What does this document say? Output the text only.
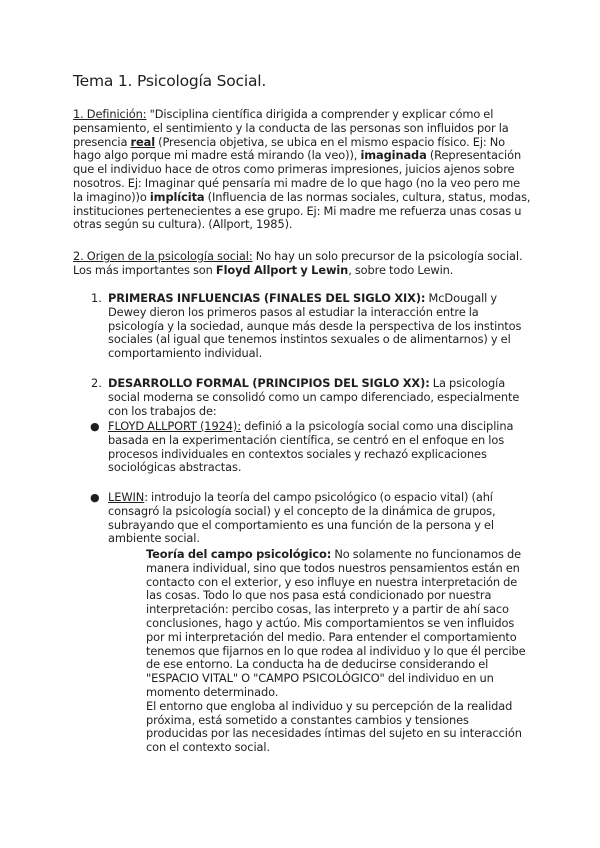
Tema 1. Psicología Social.

1. Definición: "Disciplina científica dirigida a comprender y explicar cómo el pensamiento, el sentimiento y la conducta de las personas son influidos por la presencia real (Presencia objetiva, se ubica en el mismo espacio físico. Ej: No hago algo porque mi madre está mirando (la veo)), imaginada (Representación que el individuo hace de otros como primeras impresiones, juicios ajenos sobre nosotros. Ej: Imaginar qué pensaría mi madre de lo que hago (no la veo pero me la imagino))o implícita (Influencia de las normas sociales, cultura, status, modas, instituciones pertenecientes a ese grupo. Ej: Mi madre me refuerza unas cosas u otras según su cultura). (Allport, 1985).

2. Origen de la psicología social: No hay un solo precursor de la psicología social. Los más importantes son Floyd Allport y Lewin, sobre todo Lewin.

1. PRIMERAS INFLUENCIAS (FINALES DEL SIGLO XIX): McDougall y Dewey dieron los primeros pasos al estudiar la interacción entre la psicología y la sociedad, aunque más desde la perspectiva de los instintos sociales (al igual que tenemos instintos sexuales o de alimentarnos) y el comportamiento individual.

2. DESARROLLO FORMAL (PRINCIPIOS DEL SIGLO XX): La psicología social moderna se consolidó como un campo diferenciado, especialmente con los trabajos de:

● FLOYD ALLPORT (1924): definió a la psicología social como una disciplina basada en la experimentación científica, se centró en el enfoque en los procesos individuales en contextos sociales y rechazó explicaciones sociológicas abstractas.

● LEWIN: introdujo la teoría del campo psicológico (o espacio vital) (ahí consagró la psicología social) y el concepto de la dinámica de grupos, subrayando que el comportamiento es una función de la persona y el ambiente social.

Teoría del campo psicológico: No solamente no funcionamos de manera individual, sino que todos nuestros pensamientos están en contacto con el exterior, y eso influye en nuestra interpretación de las cosas. Todo lo que nos pasa está condicionado por nuestra interpretación: percibo cosas, las interpreto y a partir de ahí saco conclusiones, hago y actúo. Mis comportamientos se ven influidos por mi interpretación del medio. Para entender el comportamiento tenemos que fijarnos en lo que rodea al individuo y lo que él percibe de ese entorno. La conducta ha de deducirse considerando el "ESPACIO VITAL" O "CAMPO PSICOLÓGICO" del individuo en un momento determinado.
El entorno que engloba al individuo y su percepción de la realidad próxima, está sometido a constantes cambios y tensiones producidas por las necesidades íntimas del sujeto en su interacción con el contexto social.
